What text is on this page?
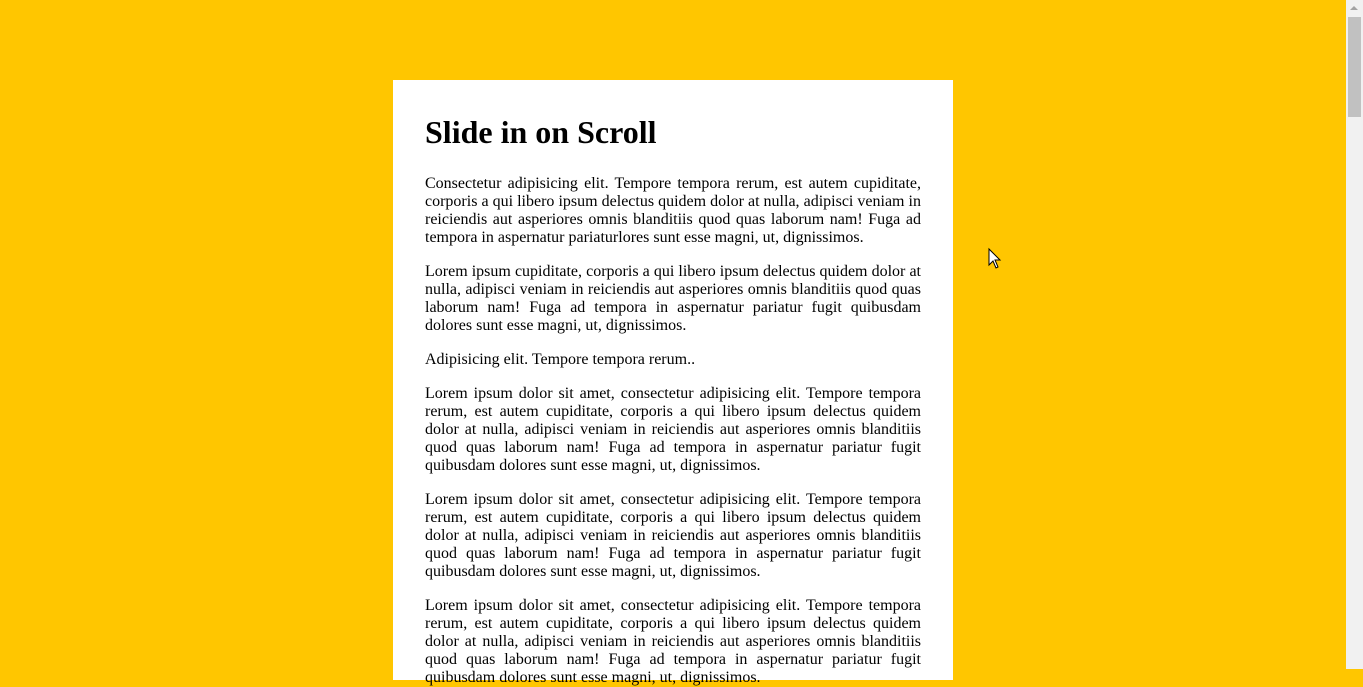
Slide in on Scroll

Consectetur adipisicing elit. Tempore tempora rerum, est autem cupiditate, corporis a qui libero ipsum delectus quidem dolor at nulla, adipisci veniam in reiciendis aut asperiores omnis blanditiis quod quas laborum nam! Fuga ad tempora in aspernatur pariaturlores sunt esse magni, ut, dignissimos.

Lorem ipsum cupiditate, corporis a qui libero ipsum delectus quidem dolor at nulla, adipisci veniam in reiciendis aut asperiores omnis blanditiis quod quas laborum nam! Fuga ad tempora in aspernatur pariatur fugit quibusdam dolores sunt esse magni, ut, dignissimos.

Adipisicing elit. Tempore tempora rerum..

Lorem ipsum dolor sit amet, consectetur adipisicing elit. Tempore tempora rerum, est autem cupiditate, corporis a qui libero ipsum delectus quidem dolor at nulla, adipisci veniam in reiciendis aut asperiores omnis blanditiis quod quas laborum nam! Fuga ad tempora in aspernatur pariatur fugit quibusdam dolores sunt esse magni, ut, dignissimos.

Lorem ipsum dolor sit amet, consectetur adipisicing elit. Tempore tempora rerum, est autem cupiditate, corporis a qui libero ipsum delectus quidem dolor at nulla, adipisci veniam in reiciendis aut asperiores omnis blanditiis quod quas laborum nam! Fuga ad tempora in aspernatur pariatur fugit quibusdam dolores sunt esse magni, ut, dignissimos.

Lorem ipsum dolor sit amet, consectetur adipisicing elit. Tempore tempora rerum, est autem cupiditate, corporis a qui libero ipsum delectus quidem dolor at nulla, adipisci veniam in reiciendis aut asperiores omnis blanditiis quod quas laborum nam! Fuga ad tempora in aspernatur pariatur fugit quibusdam dolores sunt esse magni, ut, dignissimos.
